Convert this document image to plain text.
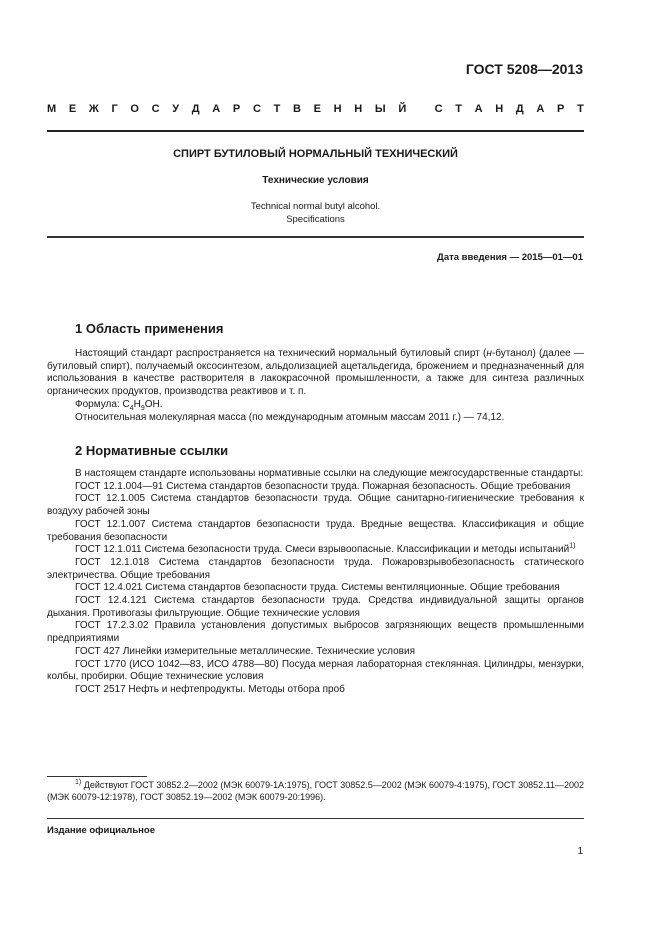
ГОСТ 5208—2013
М Е Ж Г О С У Д А Р С Т В Е Н Н Ы Й
	С Т А Н Д А Р Т
СПИРТ БУТИЛОВЫЙ НОРМАЛЬНЫЙ ТЕХНИЧЕСКИЙ
Технические условия
Technical normal butyl alcohol.
Specifications
Дата введения — 2015—01—01
1 Область применения

Настоящий стандарт распространяется на технический нормальный бутиловый спирт (н-бутанол) (далее — бутиловый спирт), получаемый оксосинтезом, альдолизацией ацетальдегида, брожением и предназначенный для использования в качестве растворителя в лакокрасочной промышленности, а также для синтеза различных органических продуктов, производства реактивов и т. п.

Формула: $C_4H_9OH$.

Относительная молекулярная масса (по международным атомным массам 2011 г.) — 74,12.

2 Нормативные ссылки

В настоящем стандарте использованы нормативные ссылки на следующие межгосударственные стандарты:

ГОСТ 12.1.004—91 Система стандартов безопасности труда. Пожарная безопасность. Общие требования

ГОСТ 12.1.005 Система стандартов безопасности труда. Общие санитарно-гигиенические требования к воздуху рабочей зоны

ГОСТ 12.1.007 Система стандартов безопасности труда. Вредные вещества. Классификация и общие требования безопасности

ГОСТ 12.1.011 Система безопасности труда. Смеси взрывоопасные. Классификации и методы испытаний$^{1)}$

ГОСТ 12.1.018 Система стандартов безопасности труда. Пожаровзрывобезопасность статического электричества. Общие требования

ГОСТ 12.4.021 Система стандартов безопасности труда. Системы вентиляционные. Общие требования

ГОСТ 12.4.121 Система стандартов безопасности труда. Средства индивидуальной защиты органов дыхания. Противогазы фильтрующие. Общие технические условия

ГОСТ 17.2.3.02 Правила установления допустимых выбросов загрязняющих веществ промышленными предприятиями

ГОСТ 427 Линейки измерительные металлические. Технические условия

ГОСТ 1770 (ИСО 1042—83, ИСО 4788—80) Посуда мерная лабораторная стеклянная. Цилиндры, мензурки, колбы, пробирки. Общие технические условия

ГОСТ 2517 Нефть и нефтепродукты. Методы отбора проб

$^{1)}$ Действуют ГОСТ 30852.2—2002 (МЭК 60079-1А:1975), ГОСТ 30852.5—2002 (МЭК 60079-4:1975), ГОСТ 30852.11—2002 (МЭК 60079-12:1978), ГОСТ 30852.19—2002 (МЭК 60079-20:1996).

Издание официальное
1
